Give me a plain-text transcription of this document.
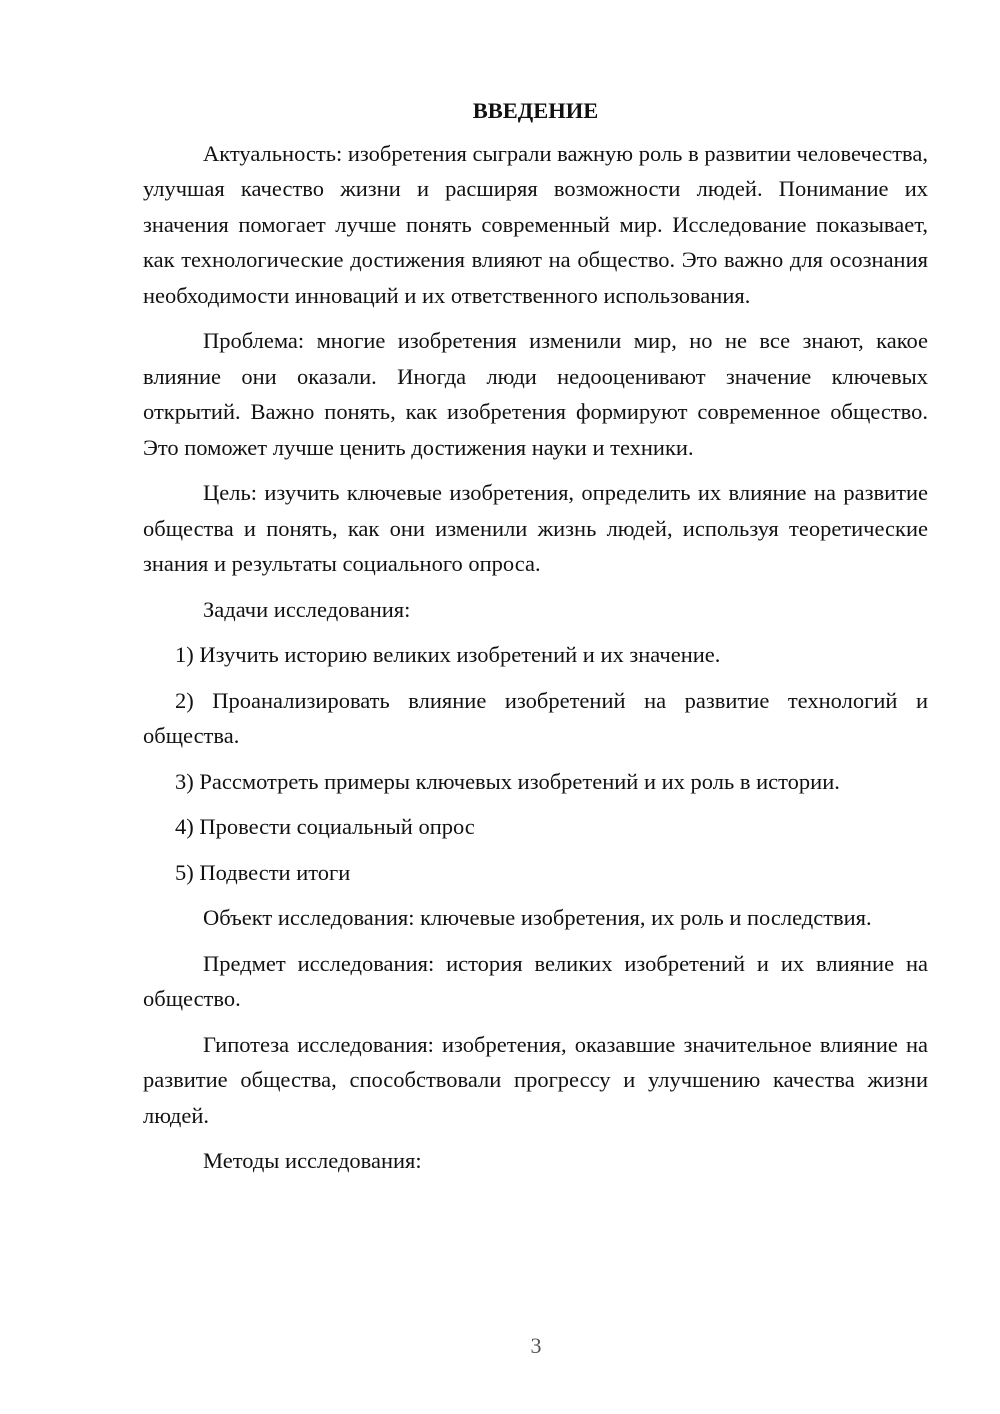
ВВЕДЕНИЕ

Актуальность: изобретения сыграли важную роль в развитии человечества, улучшая качество жизни и расширяя возможности людей. Понимание их значения помогает лучше понять современный мир. Исследование показывает, как технологические достижения влияют на общество. Это важно для осознания необходимости инноваций и их ответственного использования.

Проблема: многие изобретения изменили мир, но не все знают, какое влияние они оказали. Иногда люди недооценивают значение ключевых открытий. Важно понять, как изобретения формируют современное общество. Это поможет лучше ценить достижения науки и техники.

Цель: изучить ключевые изобретения, определить их влияние на развитие общества и понять, как они изменили жизнь людей, используя теоретические знания и результаты социального опроса.

Задачи исследования:

1) Изучить историю великих изобретений и их значение.

2) Проанализировать влияние изобретений на развитие технологий и общества.

3) Рассмотреть примеры ключевых изобретений и их роль в истории.

4) Провести социальный опрос

5) Подвести итоги

Объект исследования: ключевые изобретения, их роль и последствия.

Предмет исследования: история великих изобретений и их влияние на общество.

Гипотеза исследования: изобретения, оказавшие значительное влияние на развитие общества, способствовали прогрессу и улучшению качества жизни людей.

Методы исследования:

3
